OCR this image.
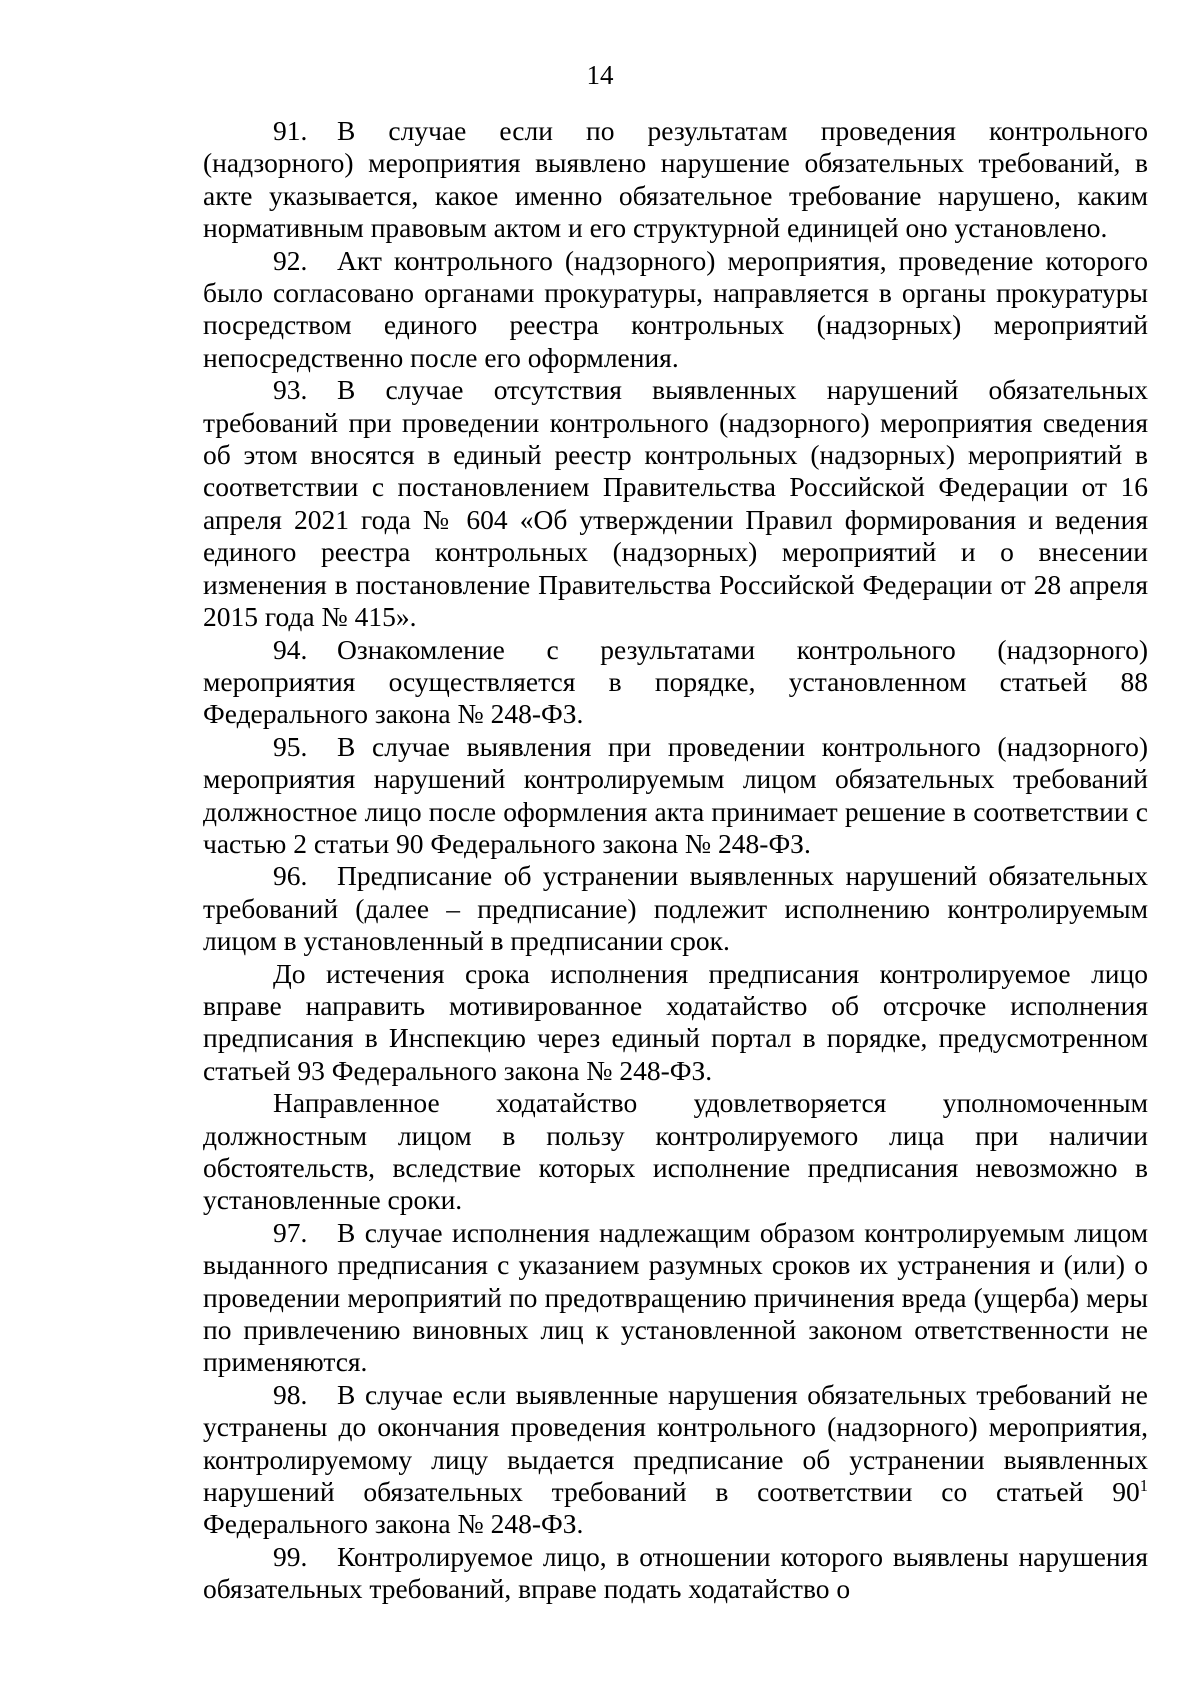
14

91. В случае если по результатам проведения контрольного (надзорного) мероприятия выявлено нарушение обязательных требований, в акте указывается, какое именно обязательное требование нарушено, каким нормативным правовым актом и его структурной единицей оно установлено.

92. Акт контрольного (надзорного) мероприятия, проведение которого было согласовано органами прокуратуры, направляется в органы прокуратуры посредством единого реестра контрольных (надзорных) мероприятий непосредственно после его оформления.

93. В случае отсутствия выявленных нарушений обязательных требований при проведении контрольного (надзорного) мероприятия сведения об этом вносятся в единый реестр контрольных (надзорных) мероприятий в соответствии с постановлением Правительства Российской Федерации от 16 апреля 2021 года № 604 «Об утверждении Правил формирования и ведения единого реестра контрольных (надзорных) мероприятий и о внесении изменения в постановление Правительства Российской Федерации от 28 апреля 2015 года № 415».

94. Ознакомление с результатами контрольного (надзорного) мероприятия осуществляется в порядке, установленном статьей 88 Федерального закона № 248-ФЗ.

95. В случае выявления при проведении контрольного (надзорного) мероприятия нарушений контролируемым лицом обязательных требований должностное лицо после оформления акта принимает решение в соответствии с частью 2 статьи 90 Федерального закона № 248-ФЗ.

96. Предписание об устранении выявленных нарушений обязательных требований (далее – предписание) подлежит исполнению контролируемым лицом в установленный в предписании срок.

До истечения срока исполнения предписания контролируемое лицо вправе направить мотивированное ходатайство об отсрочке исполнения предписания в Инспекцию через единый портал в порядке, предусмотренном статьей 93 Федерального закона № 248-ФЗ.

Направленное ходатайство удовлетворяется уполномоченным должностным лицом в пользу контролируемого лица при наличии обстоятельств, вследствие которых исполнение предписания невозможно в установленные сроки.

97. В случае исполнения надлежащим образом контролируемым лицом выданного предписания с указанием разумных сроков их устранения и (или) о проведении мероприятий по предотвращению причинения вреда (ущерба) меры по привлечению виновных лиц к установленной законом ответственности не применяются.

98. В случае если выявленные нарушения обязательных требований не устранены до окончания проведения контрольного (надзорного) мероприятия, контролируемому лицу выдается предписание об устранении выявленных нарушений обязательных требований в соответствии со статьей $90^1$ Федерального закона № 248-ФЗ.

99. Контролируемое лицо, в отношении которого выявлены нарушения обязательных требований, вправе подать ходатайство о
